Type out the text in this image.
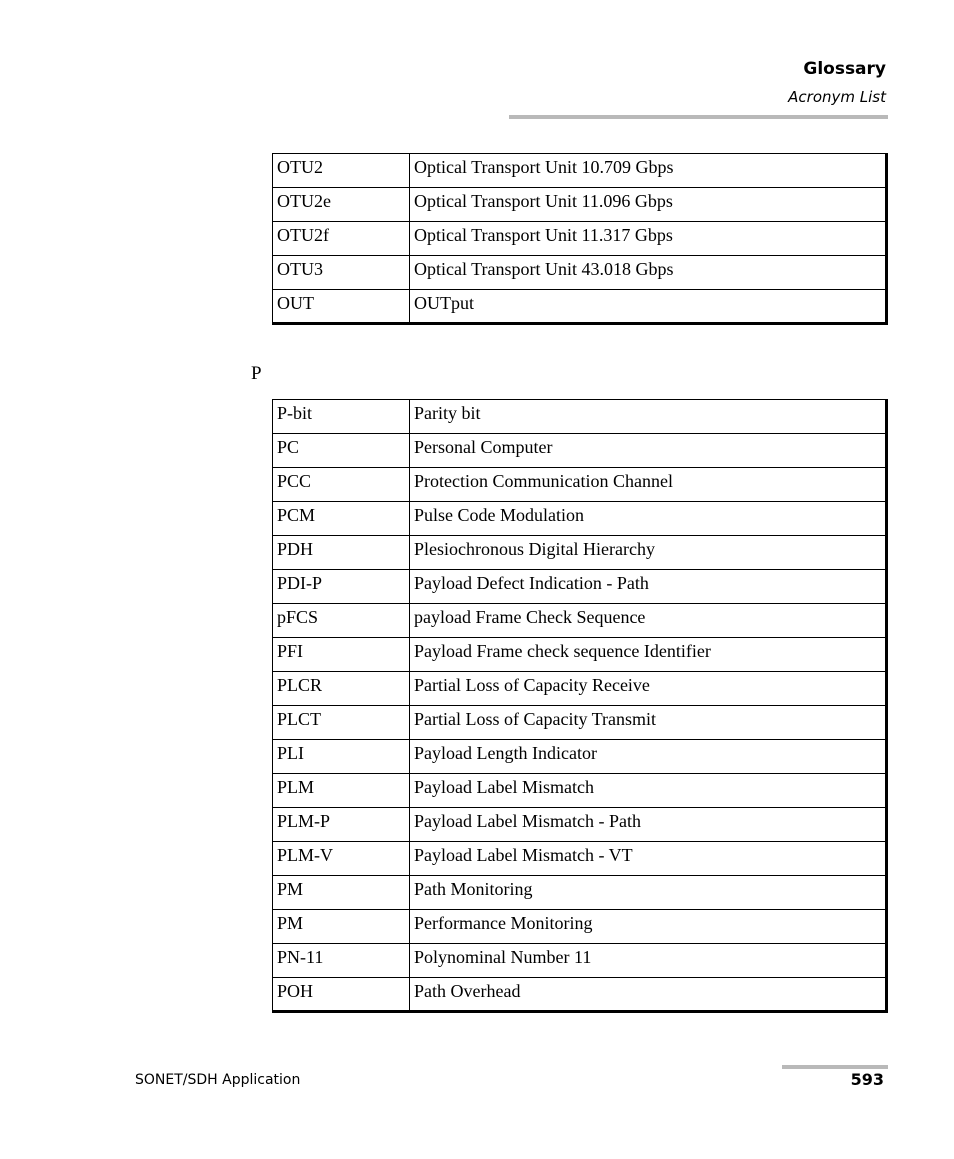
Glossary
Acronym List
OTU2	Optical Transport Unit 10.709 Gbps
OTU2e	Optical Transport Unit 11.096 Gbps
OTU2f	Optical Transport Unit 11.317 Gbps
OTU3	Optical Transport Unit 43.018 Gbps
OUT	OUTput
P
P-bit	Parity bit
PC	Personal Computer
PCC	Protection Communication Channel
PCM	Pulse Code Modulation
PDH	Plesiochronous Digital Hierarchy
PDI-P	Payload Defect Indication - Path
pFCS	payload Frame Check Sequence
PFI	Payload Frame check sequence Identifier
PLCR	Partial Loss of Capacity Receive
PLCT	Partial Loss of Capacity Transmit
PLI	Payload Length Indicator
PLM	Payload Label Mismatch
PLM-P	Payload Label Mismatch - Path
PLM-V	Payload Label Mismatch - VT
PM	Path Monitoring
PM	Performance Monitoring
PN-11	Polynominal Number 11
POH	Path Overhead
SONET/SDH Application	593
